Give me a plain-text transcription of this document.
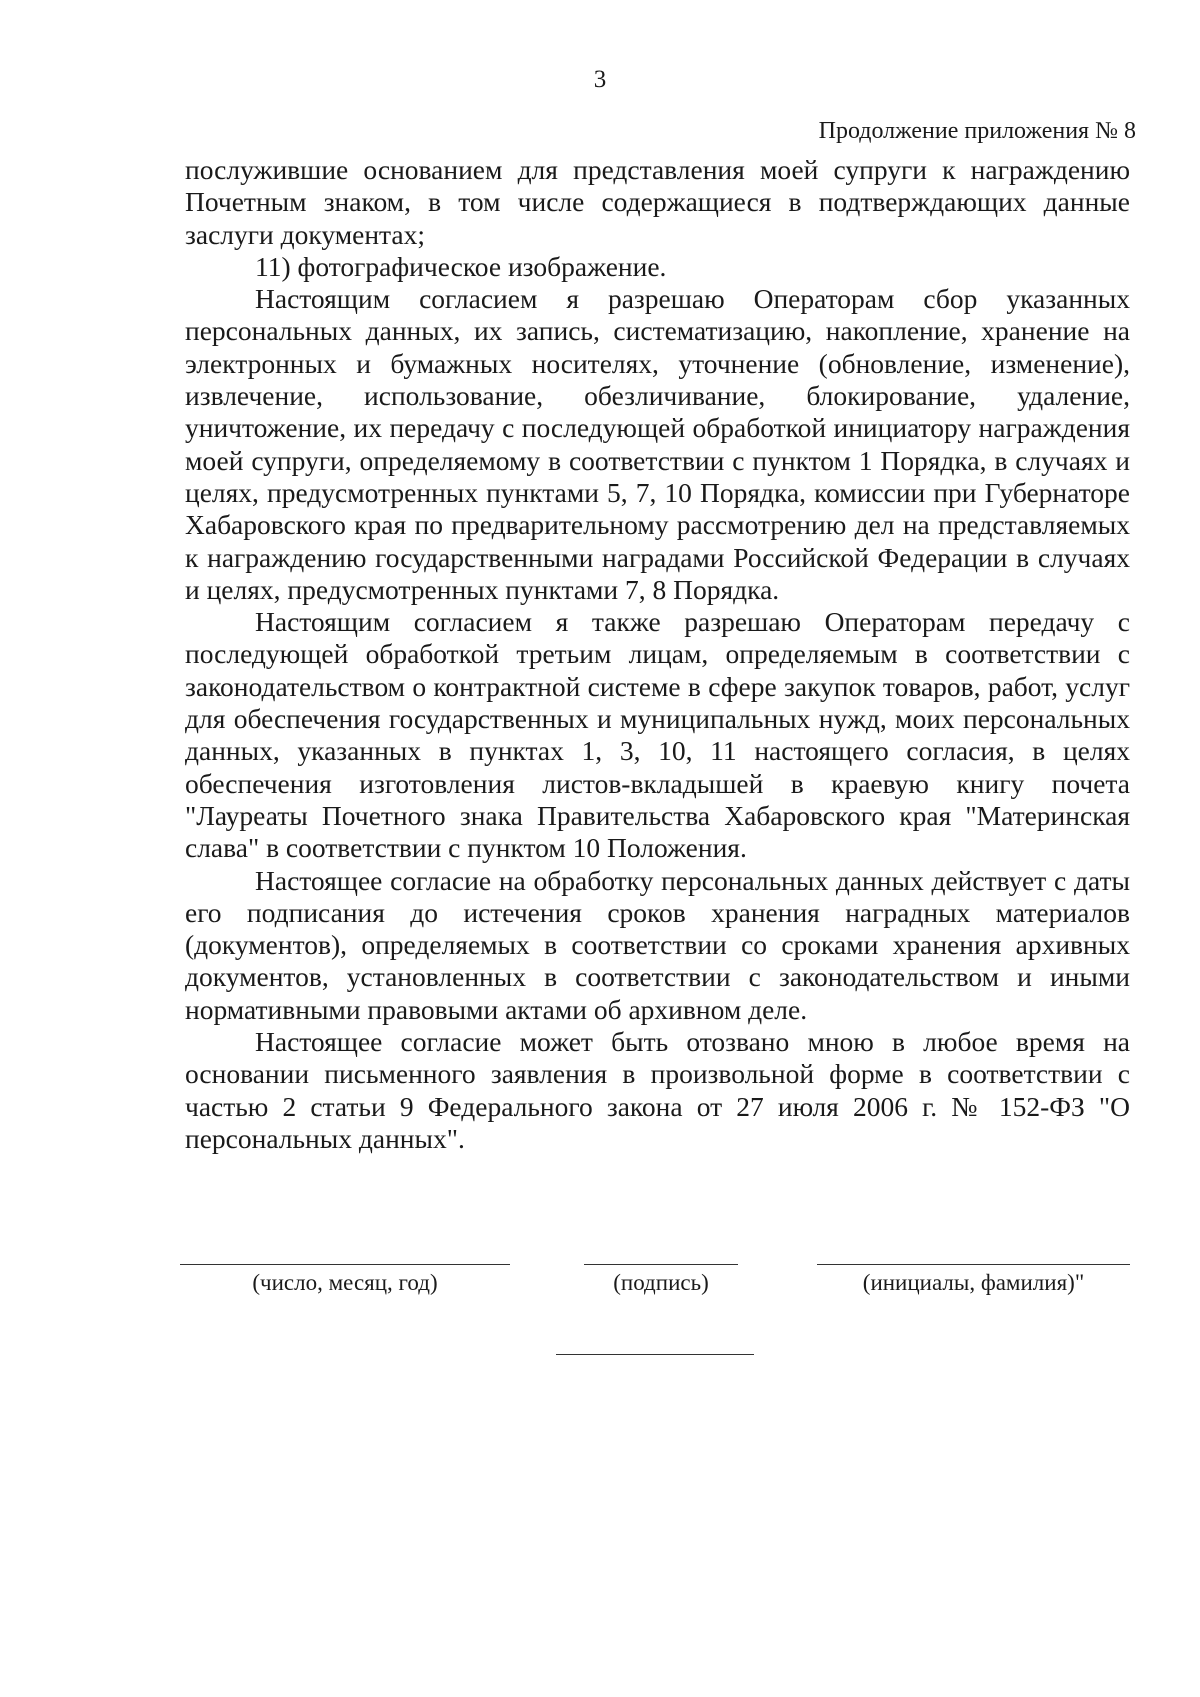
3
Продолжение приложения № 8

послужившие основанием для представления моей супруги к награждению Почетным знаком, в том числе содержащиеся в подтверждающих данные заслуги документах;

11) фотографическое изображение.

Настоящим согласием я разрешаю Операторам сбор указанных персональных данных, их запись, систематизацию, накопление, хранение на электронных и бумажных носителях, уточнение (обновление, изменение), извлечение, использование, обезличивание, блокирование, удаление, уничтожение, их передачу с последующей обработкой инициатору награждения моей супруги, определяемому в соответствии с пунктом 1 Порядка, в случаях и целях, предусмотренных пунктами 5, 7, 10 Порядка, комиссии при Губернаторе Хабаровского края по предварительному рассмотрению дел на представляемых к награждению государственными наградами Российской Федерации в случаях и целях, предусмотренных пунктами 7, 8 Порядка.

Настоящим согласием я также разрешаю Операторам передачу с последующей обработкой третьим лицам, определяемым в соответствии с законодательством о контрактной системе в сфере закупок товаров, работ, услуг для обеспечения государственных и муниципальных нужд, моих персональных данных, указанных в пунктах 1, 3, 10, 11 настоящего согласия, в целях обеспечения изготовления листов-вкладышей в краевую книгу почета "Лауреаты Почетного знака Правительства Хабаровского края "Материнская слава" в соответствии с пунктом 10 Положения.

Настоящее согласие на обработку персональных данных действует с даты его подписания до истечения сроков хранения наградных материалов (документов), определяемых в соответствии со сроками хранения архивных документов, установленных в соответствии с законодательством и иными нормативными правовыми актами об архивном деле.

Настоящее согласие может быть отозвано мною в любое время на основании письменного заявления в произвольной форме в соответствии с частью 2 статьи 9 Федерального закона от 27 июля 2006 г. № 152-ФЗ "О персональных данных".

(число, месяц, год)	(подпись)	(инициалы, фамилия)"
